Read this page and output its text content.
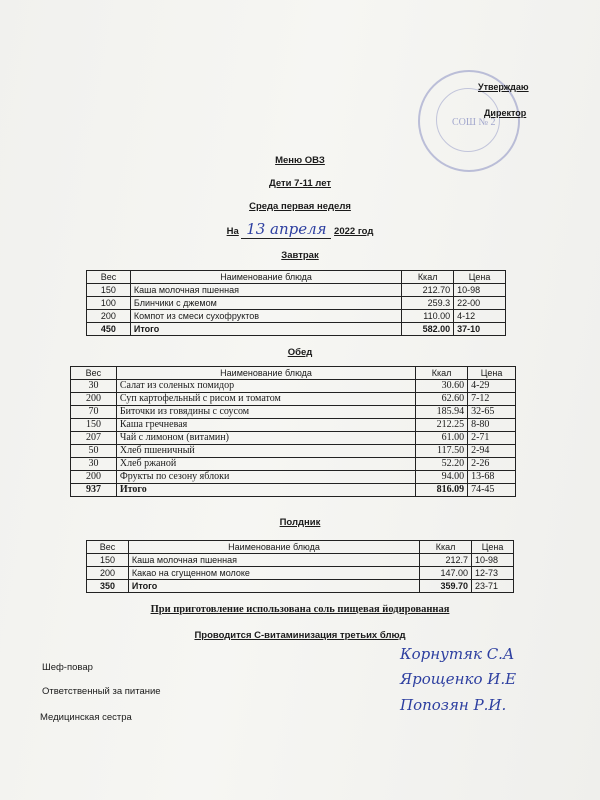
СОШ № 2
Утверждаю
Директор
Меню ОВЗ
Дети 7-11 лет
Среда первая неделя
На 13 апреля 2022 год
Завтрак
Вес	Наименование блюда	Ккал	Цена
150	Каша молочная пшенная	212.70	10-98
100	Блинчики с джемом	259.3	22-00
200	Компот из смеси сухофруктов	110.00	4-12
450	Итого	582.00	37-10
Обед
Вес	Наименование блюда	Ккал	Цена
30	Салат из соленых помидор	30.60	4-29
200	Суп картофельный с рисом и томатом	62.60	7-12
70	Биточки из говядины с соусом	185.94	32-65
150	Каша гречневая	212.25	8-80
207	Чай с лимоном (витамин)	61.00	2-71
50	Хлеб пшеничный	117.50	2-94
30	Хлеб ржаной	52.20	2-26
200	Фрукты по сезону яблоки	94.00	13-68
937	Итого	816.09	74-45
Полдник
Вес	Наименование блюда	Ккал	Цена
150	Каша молочная пшенная	212.7	10-98
200	Какао на сгущенном молоке	147.00	12-73
350	Итого	359.70	23-71
При приготовление использована соль пищевая йодированная
Проводится С-витаминизация третьих блюд
Шеф-повар
Ответственный за питание
Медицинская сестра
Корнутяк С.А
Ярощенко И.Е
Попозян Р.И.
